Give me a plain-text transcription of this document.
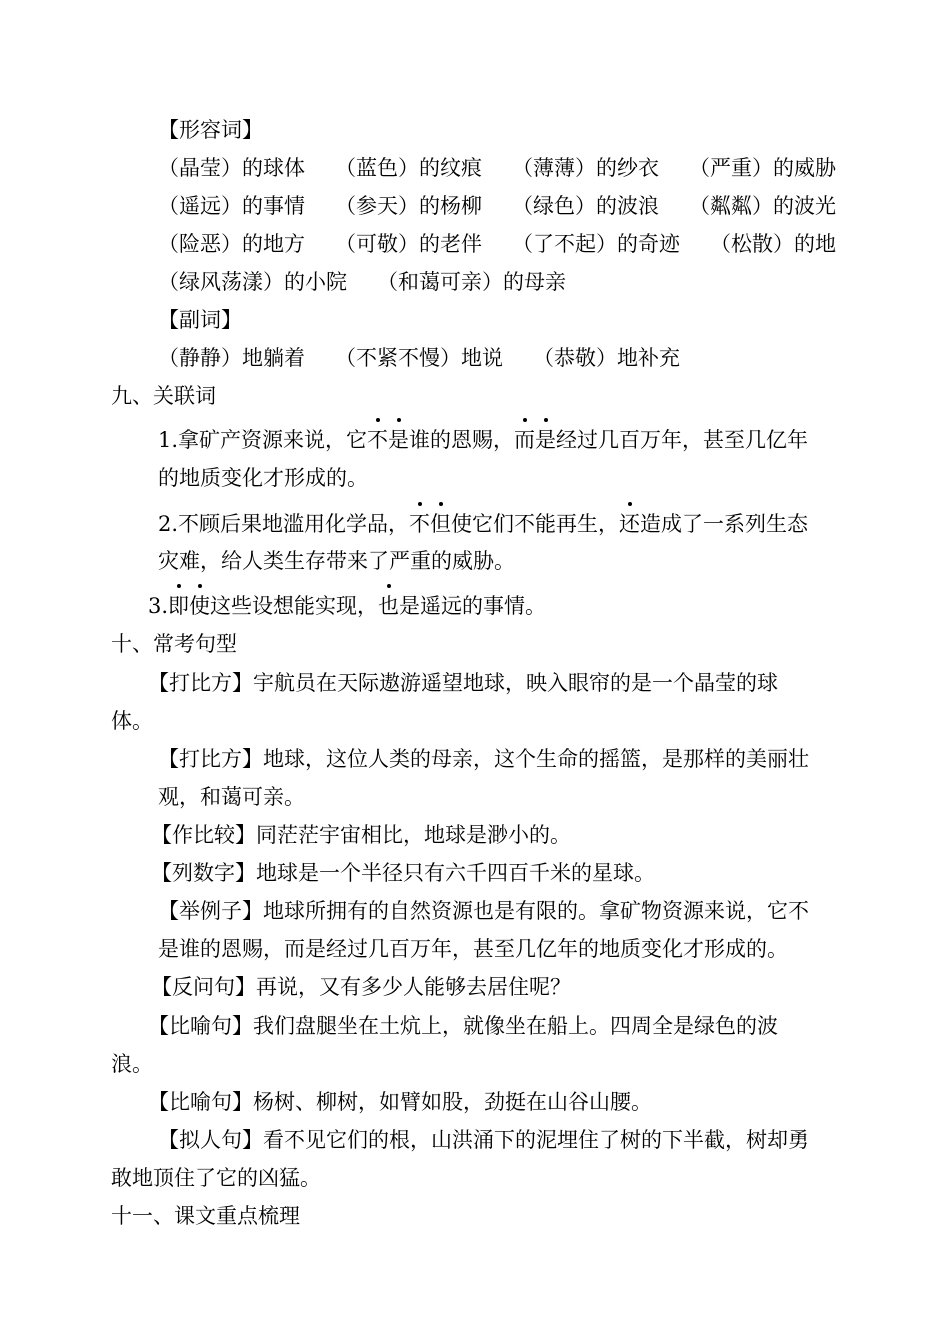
【形容词】
（晶莹）的球体 （蓝色）的纹痕 （薄薄）的纱衣 （严重）的威胁
（遥远）的事情 （参天）的杨柳 （绿色）的波浪 （粼粼）的波光
（险恶）的地方 （可敬）的老伴 （了不起）的奇迹 （松散）的地
（绿风荡漾）的小院 （和蔼可亲）的母亲
【副词】
（静静）地躺着 （不紧不慢）地说 （恭敬）地补充
九、关联词
1.拿矿产资源来说，它不是谁的恩赐，而是经过几百万年，甚至几亿年
的地质变化才形成的。
2.不顾后果地滥用化学品，不但使它们不能再生，还造成了一系列生态
灾难，给人类生存带来了严重的威胁。
3.即使这些设想能实现，也是遥远的事情。
十、常考句型
【打比方】宇航员在天际遨游遥望地球，映入眼帘的是一个晶莹的球
体。
【打比方】地球，这位人类的母亲，这个生命的摇篮，是那样的美丽壮
观，和蔼可亲。
【作比较】同茫茫宇宙相比，地球是渺小的。
【列数字】地球是一个半径只有六千四百千米的星球。
【举例子】地球所拥有的自然资源也是有限的。拿矿物资源来说，它不
是谁的恩赐，而是经过几百万年，甚至几亿年的地质变化才形成的。
【反问句】再说，又有多少人能够去居住呢？
【比喻句】我们盘腿坐在土炕上，就像坐在船上。四周全是绿色的波
浪。
【比喻句】杨树、柳树，如臂如股，劲挺在山谷山腰。
【拟人句】看不见它们的根，山洪涌下的泥埋住了树的下半截，树却勇
敢地顶住了它的凶猛。
十一、课文重点梳理
